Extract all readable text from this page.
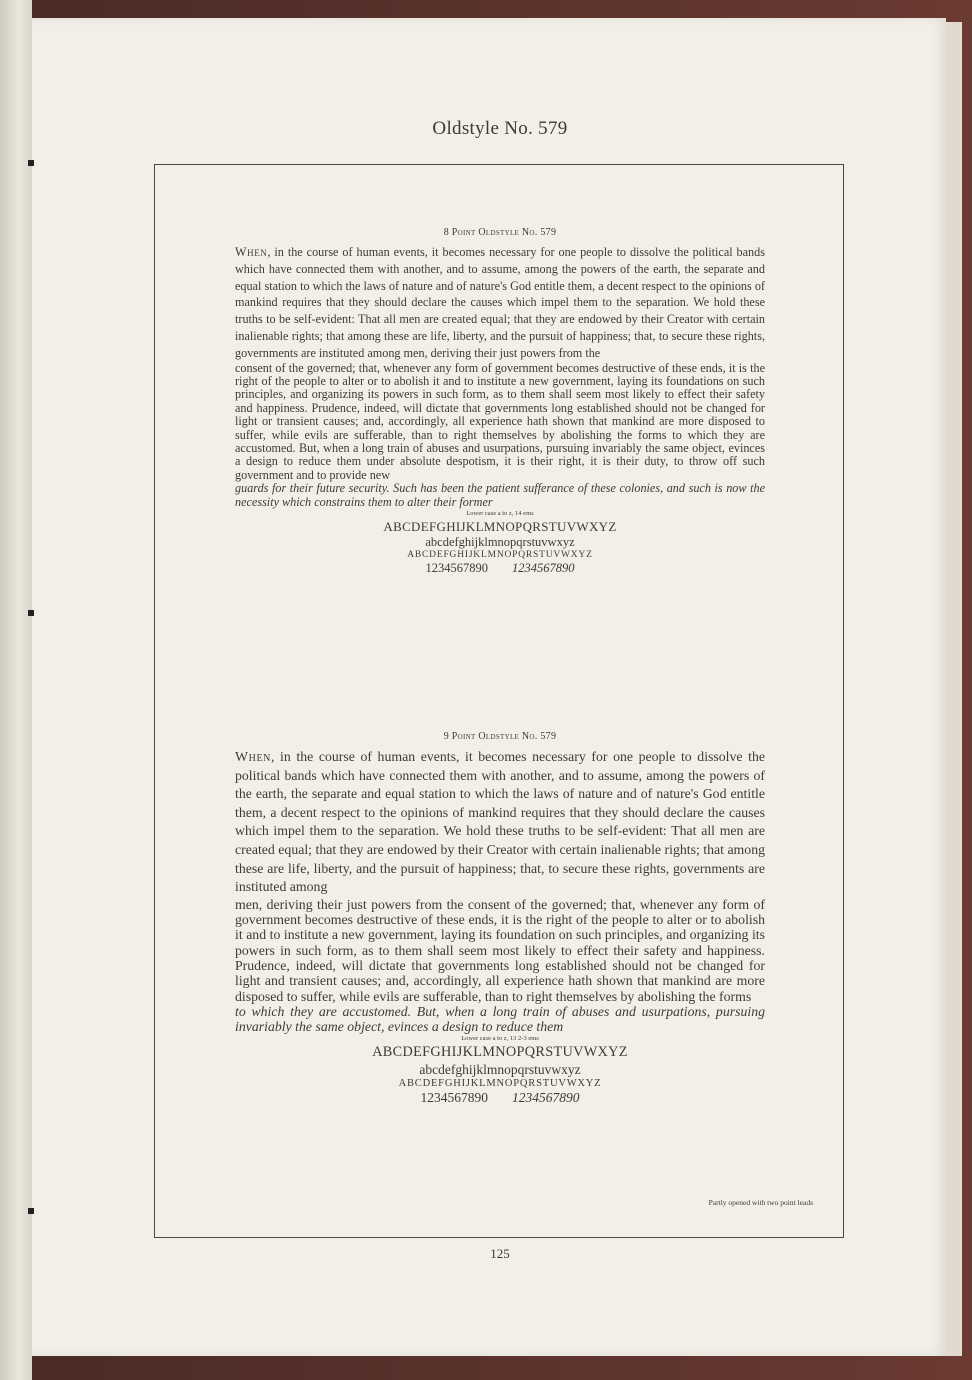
Oldstyle No. 579
8 Point Oldstyle No. 579

When, in the course of human events, it becomes necessary for one people to dissolve the political bands which have connected them with another, and to assume, among the powers of the earth, the separate and equal station to which the laws of nature and of nature's God entitle them, a decent respect to the opinions of mankind requires that they should declare the causes which impel them to the separation. We hold these truths to be self-evident: That all men are created equal; that they are endowed by their Creator with certain inalienable rights; that among these are life, liberty, and the pursuit of happiness; that, to secure these rights, governments are instituted among men, deriving their just powers from the

consent of the governed; that, whenever any form of government becomes destructive of these ends, it is the right of the people to alter or to abolish it and to institute a new government, laying its foundations on such principles, and organizing its powers in such form, as to them shall seem most likely to effect their safety and happiness. Prudence, indeed, will dictate that governments long established should not be changed for light or transient causes; and, accordingly, all experience hath shown that mankind are more disposed to suffer, while evils are sufferable, than to right themselves by abolishing the forms to which they are accustomed. But, when a long train of abuses and usurpations, pursuing invariably the same object, evinces a design to reduce them under absolute despotism, it is their right, it is their duty, to throw off such government and to provide new

guards for their future security. Such has been the patient sufferance of these colonies, and such is now the necessity which constrains them to alter their former

Lower case a to z, 14 ems
ABCDEFGHIJKLMNOPQRSTUVWXYZ
abcdefghijklmnopqrstuvwxyz
ABCDEFGHIJKLMNOPQRSTUVWXYZ
1234567890 1234567890
9 Point Oldstyle No. 579

When, in the course of human events, it becomes necessary for one people to dissolve the political bands which have connected them with another, and to assume, among the powers of the earth, the separate and equal station to which the laws of nature and of nature's God entitle them, a decent respect to the opinions of mankind requires that they should declare the causes which impel them to the separation. We hold these truths to be self-evident: That all men are created equal; that they are endowed by their Creator with certain inalienable rights; that among these are life, liberty, and the pursuit of happiness; that, to secure these rights, governments are instituted among

men, deriving their just powers from the consent of the governed; that, whenever any form of government becomes destructive of these ends, it is the right of the people to alter or to abolish it and to institute a new government, laying its foundation on such principles, and organizing its powers in such form, as to them shall seem most likely to effect their safety and happiness. Prudence, indeed, will dictate that governments long established should not be changed for light and transient causes; and, accordingly, all experience hath shown that mankind are more disposed to suffer, while evils are sufferable, than to right themselves by abolishing the forms

to which they are accustomed. But, when a long train of abuses and usurpations, pursuing invariably the same object, evinces a design to reduce them

Lower case a to z, 13 2-3 ems
ABCDEFGHIJKLMNOPQRSTUVWXYZ
abcdefghijklmnopqrstuvwxyz
ABCDEFGHIJKLMNOPQRSTUVWXYZ
1234567890 1234567890
Partly opened with two point leads
125
